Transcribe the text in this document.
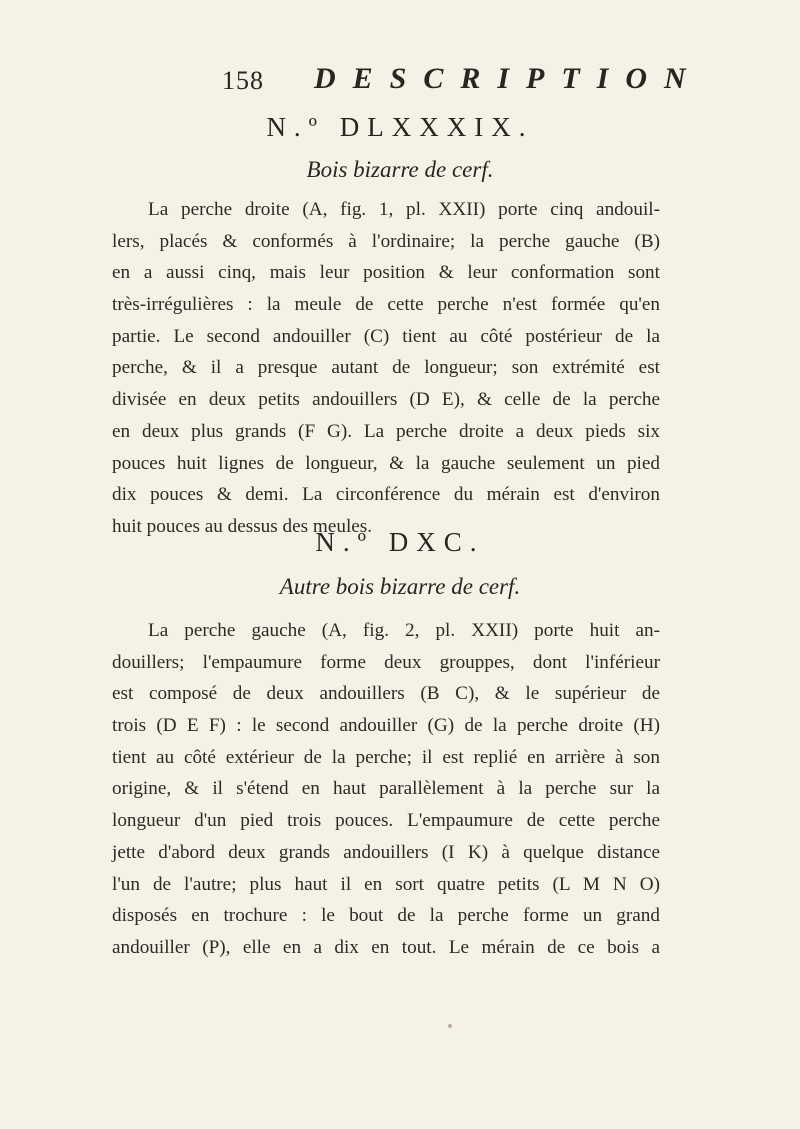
158 DESCRIPTION
N.º DLXXXIX.
Bois bizarre de cerf.
La perche droite (A, fig. 1, pl. XXII) porte cinq andouil-
lers, placés & conformés à l'ordinaire; la perche gauche (B)
en a aussi cinq, mais leur position & leur conformation sont
très-irrégulières : la meule de cette perche n'est formée qu'en
partie. Le second andouiller (C) tient au côté postérieur de la
perche, & il a presque autant de longueur; son extrémité est
divisée en deux petits andouillers (D E), & celle de la perche
en deux plus grands (F G). La perche droite a deux pieds six
pouces huit lignes de longueur, & la gauche seulement un pied
dix pouces & demi. La circonférence du mérain est d'environ
huit pouces au dessus des meules.
N.º DXC.
Autre bois bizarre de cerf.
La perche gauche (A, fig. 2, pl. XXII) porte huit an-
douillers; l'empaumure forme deux grouppes, dont l'inférieur
est composé de deux andouillers (B C), & le supérieur de
trois (D E F) : le second andouiller (G) de la perche droite (H)
tient au côté extérieur de la perche; il est replié en arrière à son
origine, & il s'étend en haut parallèlement à la perche sur la
longueur d'un pied trois pouces. L'empaumure de cette perche
jette d'abord deux grands andouillers (I K) à quelque distance
l'un de l'autre; plus haut il en sort quatre petits (L M N O)
disposés en trochure : le bout de la perche forme un grand
andouiller (P), elle en a dix en tout. Le mérain de ce bois a
